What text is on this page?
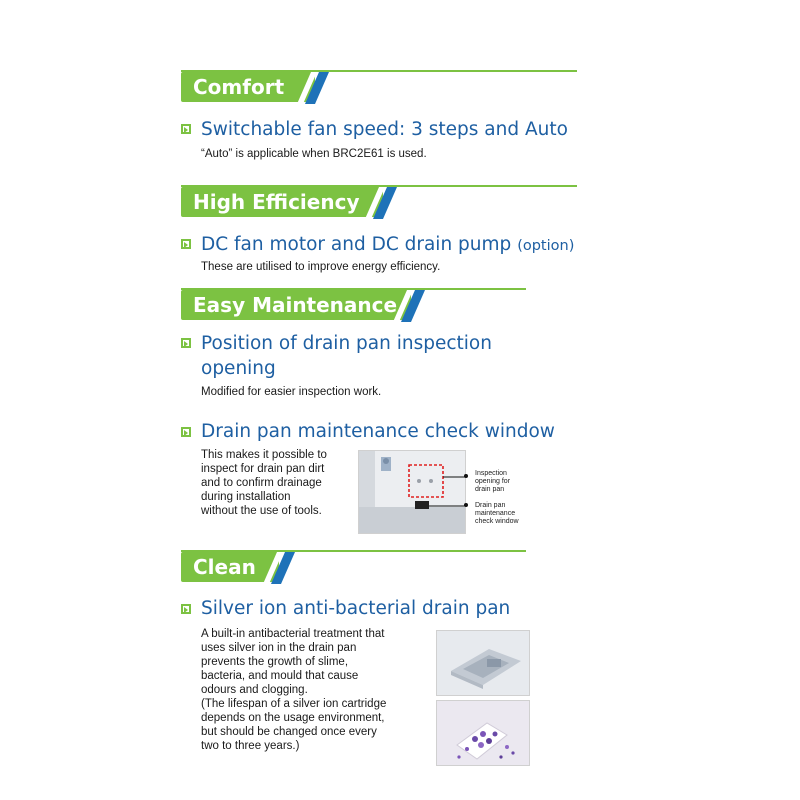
Comfort
Switchable fan speed: 3 steps and Auto
“Auto” is applicable when BRC2E61 is used.
High Efficiency
DC fan motor and DC drain pump (option)
These are utilised to improve energy efficiency.
Easy Maintenance
Position of drain pan inspection
opening
Modified for easier inspection work.
Drain pan maintenance check window
This makes it possible to
inspect for drain pan dirt
and to confirm drainage
during installation
without the use of tools.
Inspection
opening for
drain pan
Drain pan
maintenance
check window
Clean
Silver ion anti-bacterial drain pan
A built-in antibacterial treatment that
uses silver ion in the drain pan
prevents the growth of slime,
bacteria, and mould that cause
odours and clogging.
(The lifespan of a silver ion cartridge
depends on the usage environment,
but should be changed once every
two to three years.)
